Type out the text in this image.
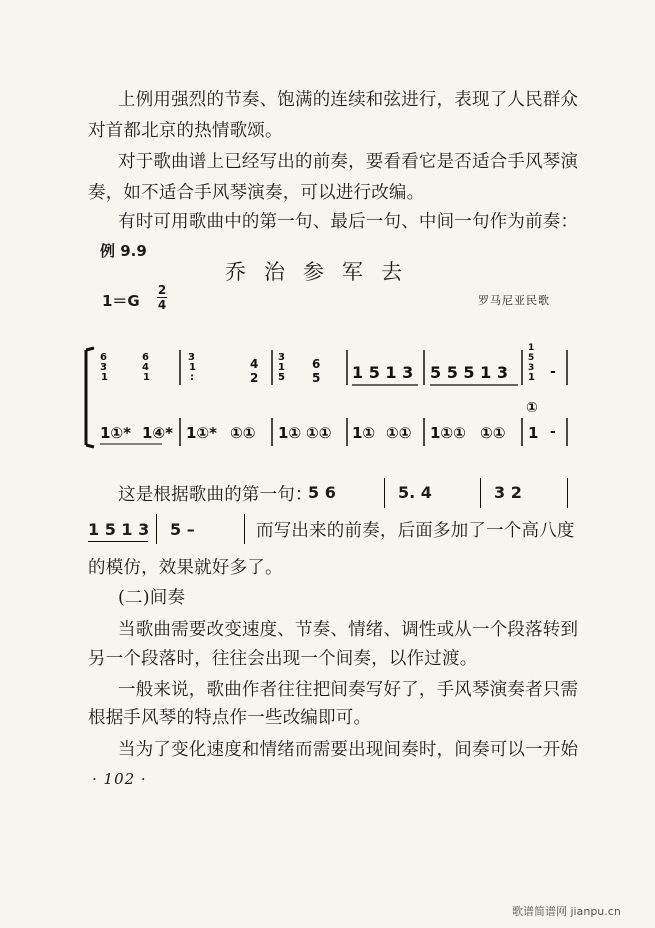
上例用强烈的节奏、饱满的连续和弦进行，表现了人民群众
对首都北京的热情歌颂。
对于歌曲谱上已经写出的前奏，要看看它是否适合手风琴演
奏，如不适合手风琴演奏，可以进行改编。
有时可用歌曲中的第一句、最后一句、中间一句作为前奏：
例 9.9
乔治参军去
1＝G
2
4	罗马尼亚民歌
6
3
1
6
4
1
3
1
:
4
2
3
1
5
6
5 1 5 1 3 5 5 5 1 3
1
5
3
1 -
1①* 1④* 1①* ①① 1① ①① 1① ①① 1①① ①①
①
1 -
这是根据歌曲的第一句：
5 6	5. 4	3 2
1 5 1 3 5 –	而写出来的前奏，后面多加了一个高八度
的模仿，效果就好多了。
(二)间奏
当歌曲需要改变速度、节奏、情绪、调性或从一个段落转到
另一个段落时，往往会出现一个间奏，以作过渡。
一般来说，歌曲作者往往把间奏写好了，手风琴演奏者只需
根据手风琴的特点作一些改编即可。
当为了变化速度和情绪而需要出现间奏时，间奏可以一开始
· 102 ·
歌谱简谱网 jianpu.cn
